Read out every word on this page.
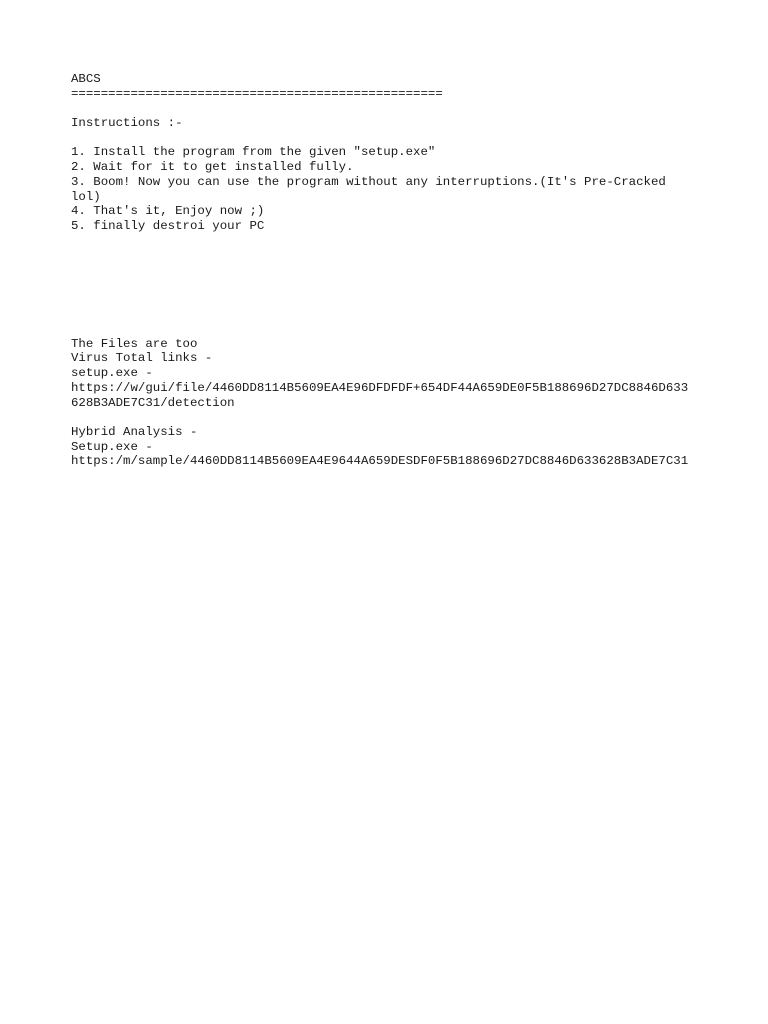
ABCS
==================================================
Instructions :-
1. Install the program from the given "setup.exe"
2. Wait for it to get installed fully.
3. Boom! Now you can use the program without any interruptions.(It's Pre-Cracked
lol)
4. That's it, Enjoy now ;)
5. finally destroi your PC
The Files are too
Virus Total links -
setup.exe -
https://w/gui/file/4460DD8114B5609EA4E96DFDFDF+654DF44A659DE0F5B188696D27DC8846D633
628B3ADE7C31/detection
Hybrid Analysis -
Setup.exe -
https:/m/sample/4460DD8114B5609EA4E9644A659DESDF0F5B188696D27DC8846D633628B3ADE7C31
